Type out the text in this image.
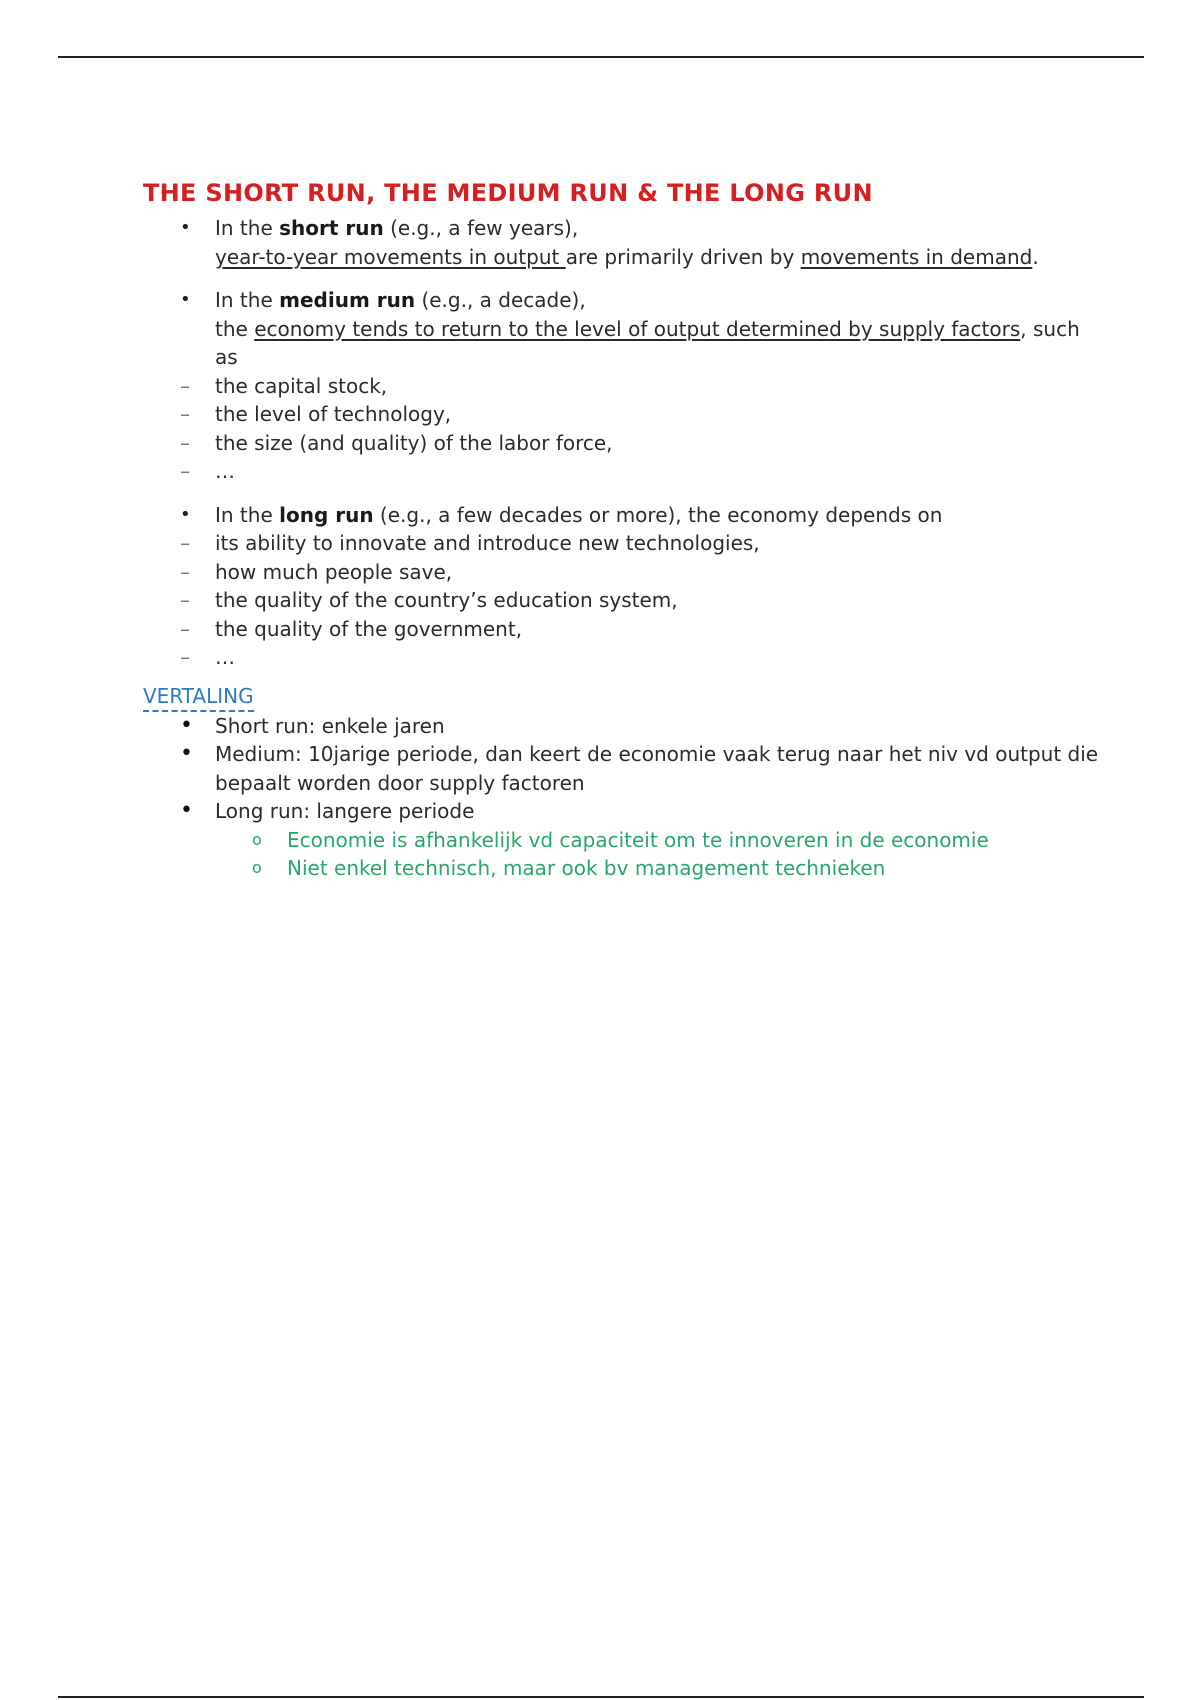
THE SHORT RUN, THE MEDIUM RUN & THE LONG RUN
• In the short run (e.g., a few years),
year-to-year movements in output are primarily driven by movements in demand.
• In the medium run (e.g., a decade),
the economy tends to return to the level of output determined by supply factors, such as
– the capital stock,
– the level of technology,
– the size (and quality) of the labor force,
– …
• In the long run (e.g., a few decades or more), the economy depends on
– its ability to innovate and introduce new technologies,
– how much people save,
– the quality of the country’s education system,
– the quality of the government,
– …
VERTALING
• Short run: enkele jaren
• Medium: 10jarige periode, dan keert de economie vaak terug naar het niv vd output die bepaalt worden door supply factoren
• Long run: langere periode
o Economie is afhankelijk vd capaciteit om te innoveren in de economie
o Niet enkel technisch, maar ook bv management technieken
